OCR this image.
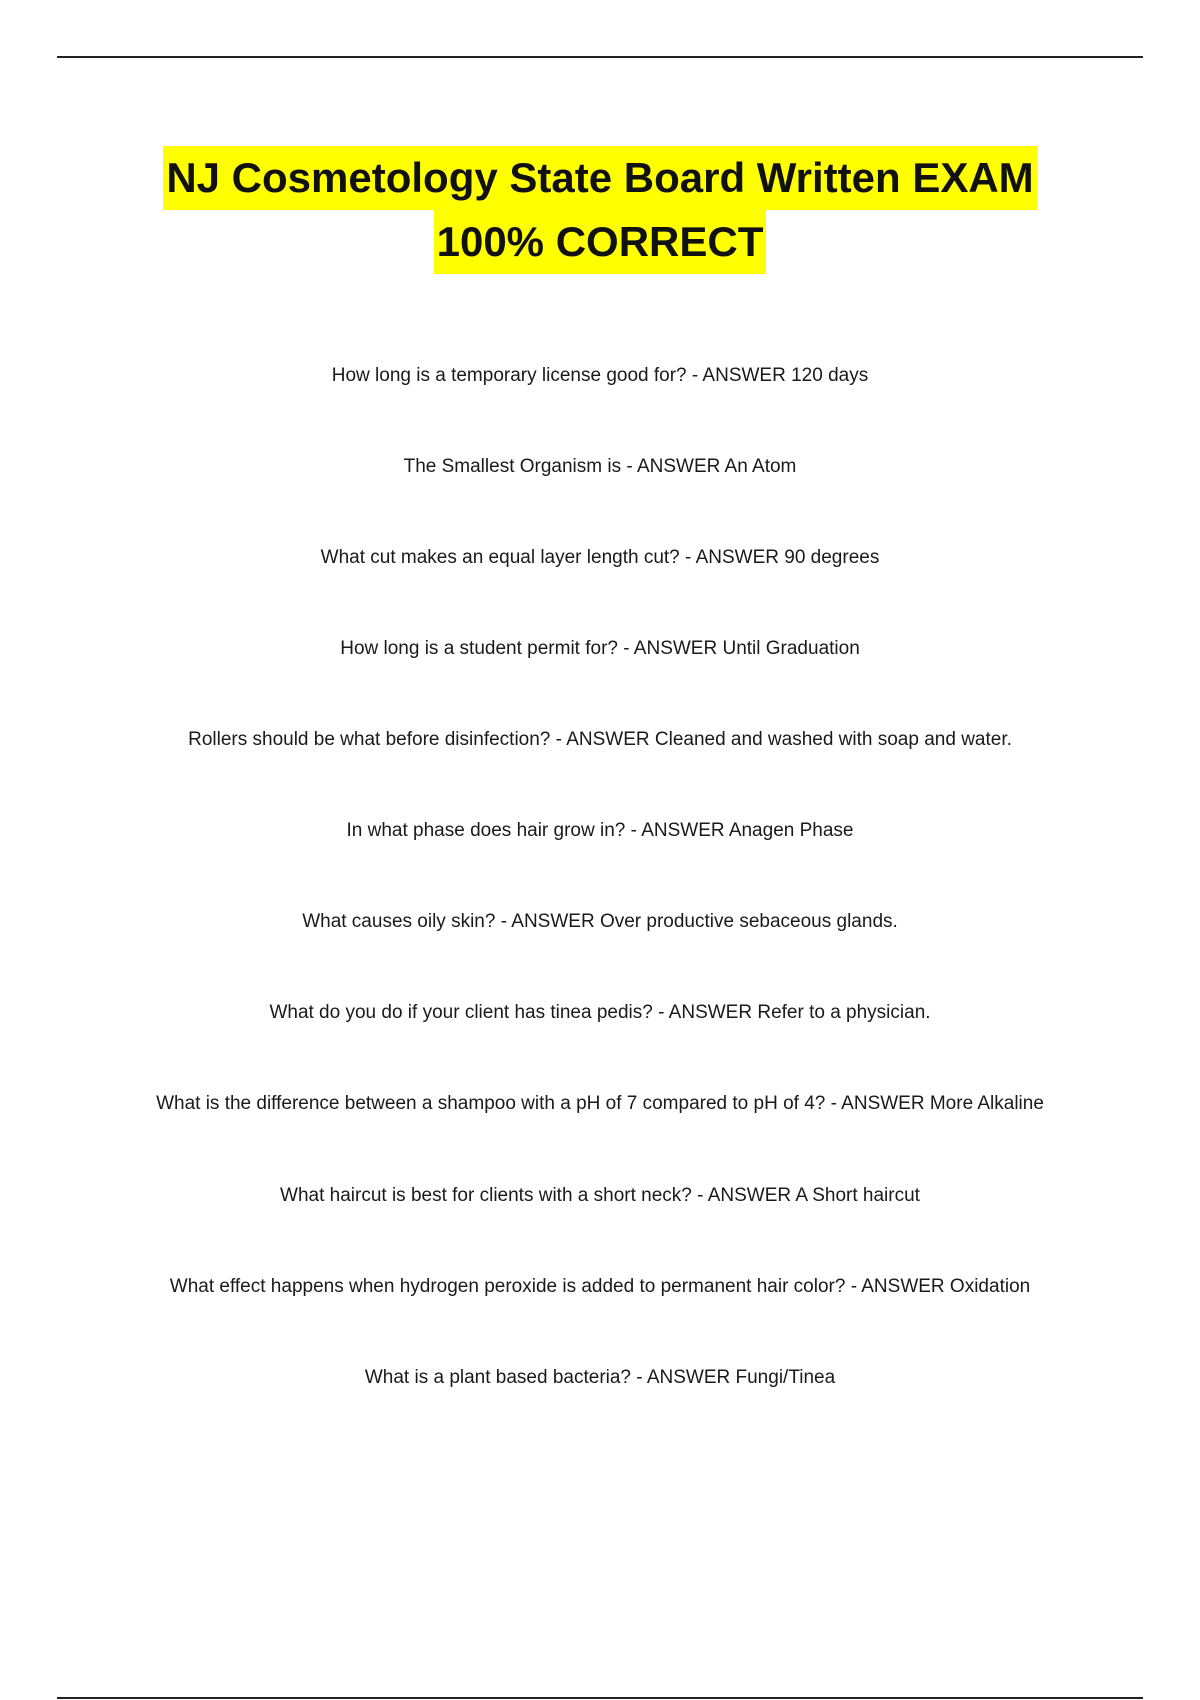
NJ Cosmetology State Board Written EXAM
100% CORRECT
How long is a temporary license good for? - ANSWER 120 days
The Smallest Organism is - ANSWER An Atom
What cut makes an equal layer length cut? - ANSWER 90 degrees
How long is a student permit for? - ANSWER Until Graduation
Rollers should be what before disinfection? - ANSWER Cleaned and washed with soap and water.
In what phase does hair grow in? - ANSWER Anagen Phase
What causes oily skin? - ANSWER Over productive sebaceous glands.
What do you do if your client has tinea pedis? - ANSWER Refer to a physician.
What is the difference between a shampoo with a pH of 7 compared to pH of 4? - ANSWER More Alkaline
What haircut is best for clients with a short neck? - ANSWER A Short haircut
What effect happens when hydrogen peroxide is added to permanent hair color? - ANSWER Oxidation
What is a plant based bacteria? - ANSWER Fungi/Tinea
